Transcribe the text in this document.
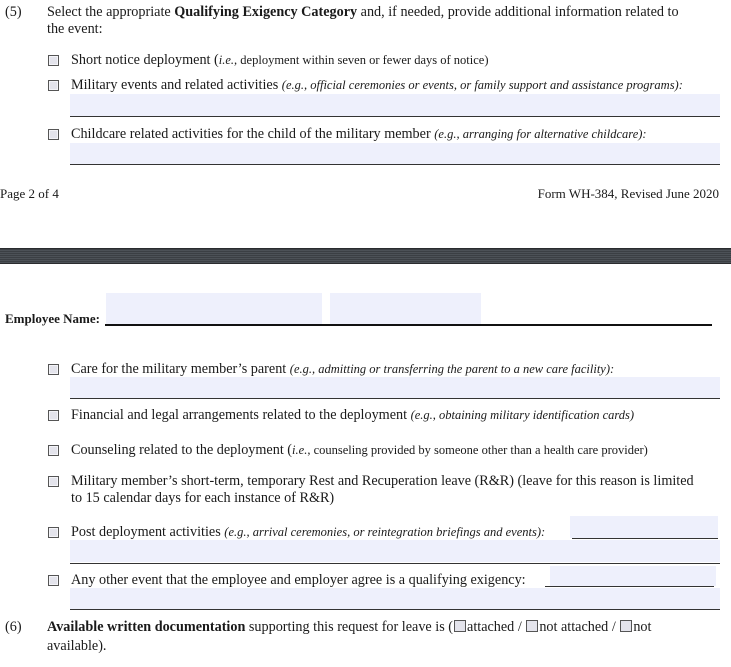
(5) Select the appropriate Qualifying Exigency Category and, if needed, provide additional information related to
the event:
Short notice deployment (i.e., deployment within seven or fewer days of notice)
Military events and related activities (e.g., official ceremonies or events, or family support and assistance programs):
Childcare related activities for the child of the military member (e.g., arranging for alternative childcare):
Page 2 of 4	Form WH-384, Revised June 2020
Employee Name:
Care for the military member’s parent (e.g., admitting or transferring the parent to a new care facility):
Financial and legal arrangements related to the deployment (e.g., obtaining military identification cards)
Counseling related to the deployment (i.e., counseling provided by someone other than a health care provider)
Military member’s short-term, temporary Rest and Recuperation leave (R&R) (leave for this reason is limited
to 15 calendar days for each instance of R&R)
Post deployment activities (e.g., arrival ceremonies, or reintegration briefings and events):
Any other event that the employee and employer agree is a qualifying exigency:
(6) Available written documentation supporting this request for leave is ( attached / not attached / not
available).
